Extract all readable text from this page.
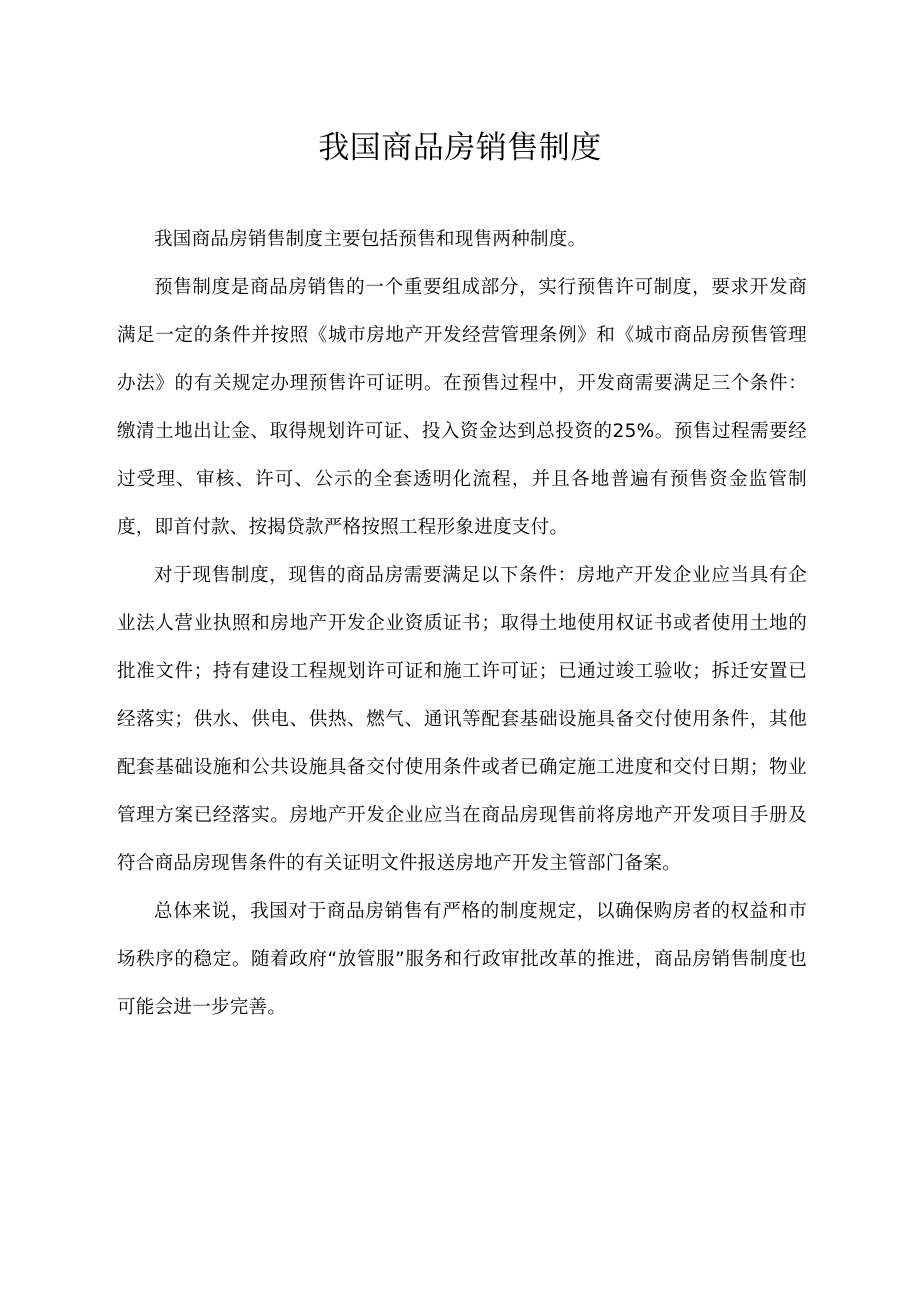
我国商品房销售制度

我国商品房销售制度主要包括预售和现售两种制度。

预售制度是商品房销售的一个重要组成部分，实行预售许可制度，要求开发商满足一定的条件并按照《城市房地产开发经营管理条例》和《城市商品房预售管理办法》的有关规定办理预售许可证明。在预售过程中，开发商需要满足三个条件：缴清土地出让金、取得规划许可证、投入资金达到总投资的25%。预售过程需要经过受理、审核、许可、公示的全套透明化流程，并且各地普遍有预售资金监管制度，即首付款、按揭贷款严格按照工程形象进度支付。

对于现售制度，现售的商品房需要满足以下条件：房地产开发企业应当具有企业法人营业执照和房地产开发企业资质证书；取得土地使用权证书或者使用土地的批准文件；持有建设工程规划许可证和施工许可证；已通过竣工验收；拆迁安置已经落实；供水、供电、供热、燃气、通讯等配套基础设施具备交付使用条件，其他配套基础设施和公共设施具备交付使用条件或者已确定施工进度和交付日期；物业管理方案已经落实。房地产开发企业应当在商品房现售前将房地产开发项目手册及符合商品房现售条件的有关证明文件报送房地产开发主管部门备案。

总体来说，我国对于商品房销售有严格的制度规定，以确保购房者的权益和市场秩序的稳定。随着政府“放管服”服务和行政审批改革的推进，商品房销售制度也可能会进一步完善。
